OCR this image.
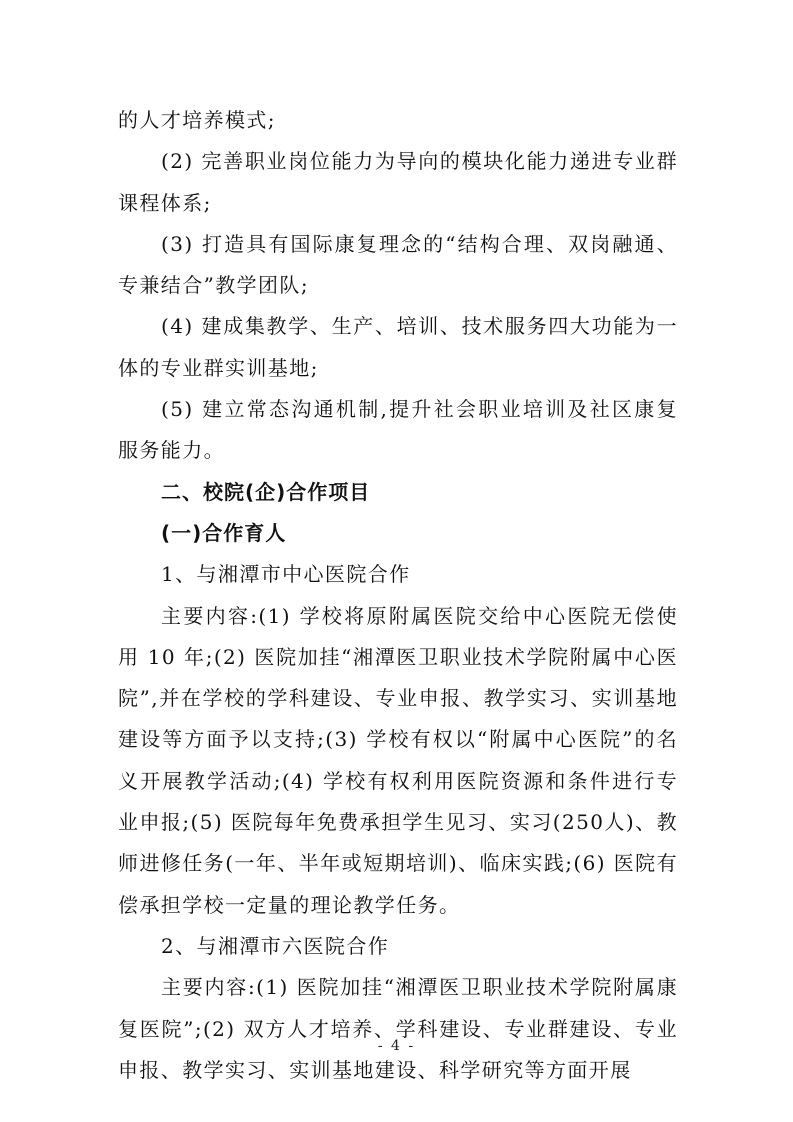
的人才培养模式;

(2) 完善职业岗位能力为导向的模块化能力递进专业群课程体系;

(3) 打造具有国际康复理念的“结构合理、双岗融通、专兼结合”教学团队;

(4) 建成集教学、生产、培训、技术服务四大功能为一体的专业群实训基地;

(5) 建立常态沟通机制,提升社会职业培训及社区康复服务能力。

二、校院(企)合作项目

(一)合作育人

1、与湘潭市中心医院合作

主要内容:(1) 学校将原附属医院交给中心医院无偿使用 10 年;(2) 医院加挂“湘潭医卫职业技术学院附属中心医院”,并在学校的学科建设、专业申报、教学实习、实训基地建设等方面予以支持;(3) 学校有权以“附属中心医院”的名义开展教学活动;(4) 学校有权利用医院资源和条件进行专业申报;(5) 医院每年免费承担学生见习、实习(250人)、教师进修任务(一年、半年或短期培训)、临床实践;(6) 医院有偿承担学校一定量的理论教学任务。

2、与湘潭市六医院合作

主要内容:(1) 医院加挂“湘潭医卫职业技术学院附属康复医院”;(2) 双方人才培养、学科建设、专业群建设、专业申报、教学实习、实训基地建设、科学研究等方面开展

- 4 -
